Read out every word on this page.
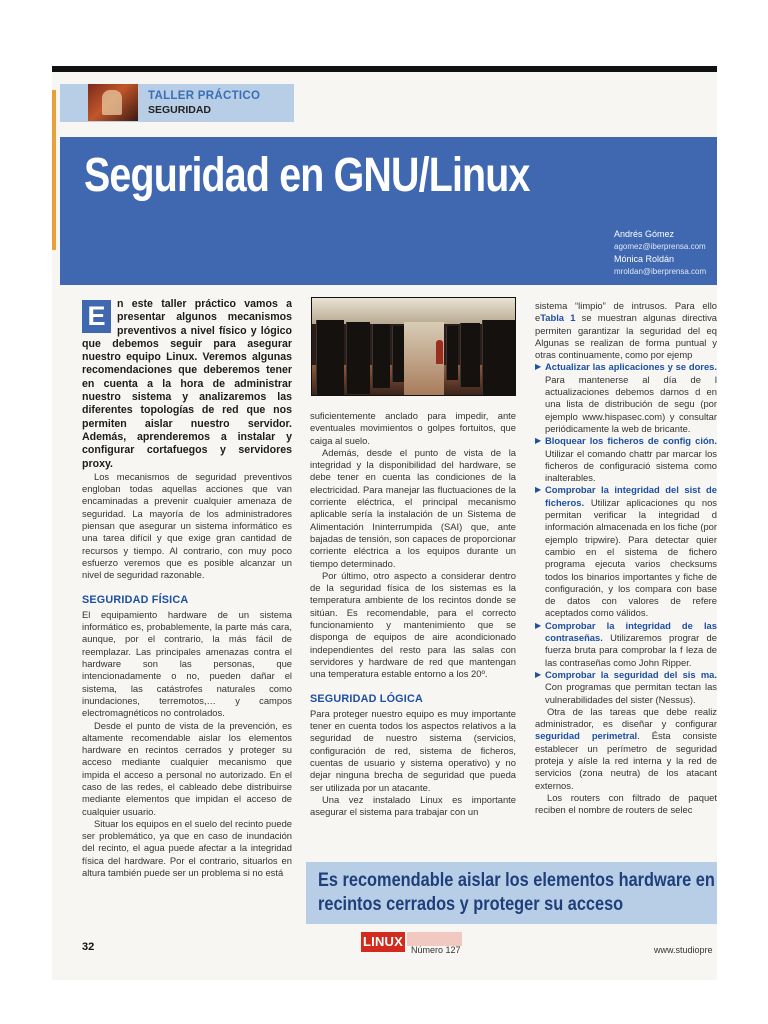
TALLER PRÁCTICO
SEGURIDAD
Seguridad en GNU/Linux
Andrés Gómez
agomez@iberprensa.com
Mónica Roldán
mroldan@iberprensa.com

E	n este taller práctico vamos a presentar algunos mecanismos preventivos a nivel físico y lógico que debemos seguir para asegurar nuestro equipo Linux. Veremos algunas recomendaciones que deberemos tener en cuenta a la hora de administrar nuestro sistema y analizaremos las diferentes topologías de red que nos permiten aislar nuestro servidor. Además, aprenderemos a instalar y configurar cortafuegos y servidores proxy.

Los mecanismos de seguridad preventivos engloban todas aquellas acciones que van encaminadas a prevenir cualquier amenaza de seguridad. La mayoría de los administradores piensan que asegurar un sistema informático es una tarea difícil y que exige gran cantidad de recursos y tiempo. Al contrario, con muy poco esfuerzo veremos que es posible alcanzar un nivel de seguridad razonable.

SEGURIDAD FÍSICA

El equipamiento hardware de un sistema informático es, probablemente, la parte más cara, aunque, por el contrario, la más fácil de reemplazar. Las principales amenazas contra el hardware son las personas, que intencionadamente o no, pueden dañar el sistema, las catástrofes naturales como inundaciones, terremotos,… y campos electromagnéticos no controlados.

Desde el punto de vista de la prevención, es altamente recomendable aislar los elementos hardware en recintos cerrados y proteger su acceso mediante cualquier mecanismo que impida el acceso a personal no autorizado. En el caso de las redes, el cableado debe distribuirse mediante elementos que impidan el acceso de cualquier usuario.

Situar los equipos en el suelo del recinto puede ser problemático, ya que en caso de inundación del recinto, el agua puede afectar a la integridad física del hardware. Por el contrario, situarlos en altura también puede ser un problema si no está

suficientemente anclado para impedir, ante eventuales movimientos o golpes fortuitos, que caiga al suelo.

Además, desde el punto de vista de la integridad y la disponibilidad del hardware, se debe tener en cuenta las condiciones de la electricidad. Para manejar las fluctuaciones de la corriente eléctrica, el principal mecanismo aplicable sería la instalación de un Sistema de Alimentación Ininterrumpida (SAI) que, ante bajadas de tensión, son capaces de proporcionar corriente eléctrica a los equipos durante un tiempo determinado.

Por último, otro aspecto a considerar dentro de la seguridad física de los sistemas es la temperatura ambiente de los recintos donde se sitúan. Es recomendable, para el correcto funcionamiento y mantenimiento que se disponga de equipos de aire acondicionado independientes del resto para las salas con servidores y hardware de red que mantengan una temperatura estable entorno a los 20º.

SEGURIDAD LÓGICA

Para proteger nuestro equipo es muy importante tener en cuenta todos los aspectos relativos a la seguridad de nuestro sistema (servicios, configuración de red, sistema de ficheros, cuentas de usuario y sistema operativo) y no dejar ninguna brecha de seguridad que pueda ser utilizada por un atacante.

Una vez instalado Linux es importante asegurar el sistema para trabajar con un

sistema “limpio” de intrusos. Para ello eTabla 1 se muestran algunas directiva permiten garantizar la seguridad del eq Algunas se realizan de forma puntual y otras continuamente, como por ejemp

▶ Actualizar las aplicaciones y se dores. Para mantenerse al día de l actualizaciones debemos darnos d en una lista de distribución de segu (por ejemplo www.hispasec.com) y consultar periódicamente la web de bricante.

▶ Bloquear los ficheros de config ción. Utilizar el comando chattr par marcar los ficheros de configuració sistema como inalterables.

▶ Comprobar la integridad del sist de ficheros. Utilizar aplicaciones qu nos permitan verificar la integridad d información almacenada en los fiche (por ejemplo tripwire). Para detectar quier cambio en el sistema de fichero programa ejecuta varios checksums todos los binarios importantes y fiche de configuración, y los compara con base de datos con valores de refere aceptados como válidos.

▶ Comprobar la integridad de las contraseñas. Utilizaremos prograr de fuerza bruta para comprobar la f leza de las contraseñas como John Ripper.

▶ Comprobar la seguridad del sis ma. Con programas que permitan tectan las vulnerabilidades del sister (Nessus).

Otra de las tareas que debe realiz administrador, es diseñar y configurar seguridad perimetral. Ésta consiste establecer un perímetro de seguridad proteja y aísle la red interna y la red de servicios (zona neutra) de los atacant externos.

Los routers con filtrado de paquet reciben el nombre de routers de selec

Es recomendable aislar los elementos hardware en
recintos cerrados y proteger su acceso
32	LINUX
Número 127	www.studiopre
